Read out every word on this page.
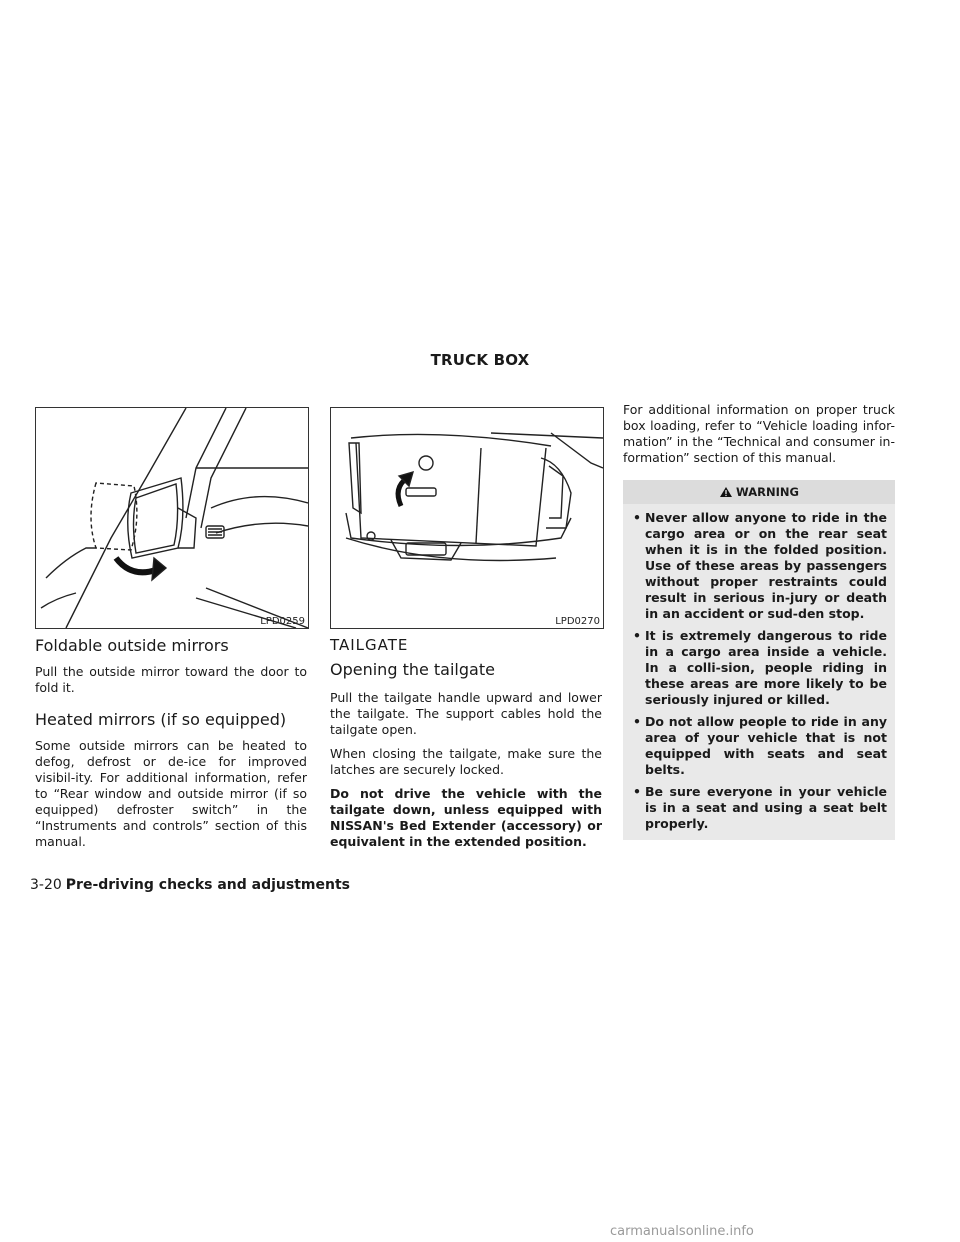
TRUCK BOX
LPD0259
Foldable outside mirrors

Pull the outside mirror toward the door to fold it.

Heated mirrors (if so equipped)

Some outside mirrors can be heated to defog, defrost or de-ice for improved visibil-ity. For additional information, refer to “Rear window and outside mirror (if so equipped) defroster switch” in the “Instruments and controls” section of this manual.

LPD0270
TAILGATE
Opening the tailgate

Pull the tailgate handle upward and lower the tailgate. The support cables hold the tailgate open.

When closing the tailgate, make sure the latches are securely locked.

Do not drive the vehicle with the tailgate down, unless equipped with NISSAN's Bed Extender (accessory) or equivalent in the extended position.

For additional information on proper truck box loading, refer to “Vehicle loading infor-mation” in the “Technical and consumer in-formation” section of this manual.

WARNING
• Never allow anyone to ride in the cargo area or on the rear seat when it is in the folded position. Use of these areas by passengers without proper restraints could result in serious in-jury or death in an accident or sud-den stop.
• It is extremely dangerous to ride in a cargo area inside a vehicle. In a colli-sion, people riding in these areas are more likely to be seriously injured or killed.
• Do not allow people to ride in any area of your vehicle that is not equipped with seats and seat belts.
• Be sure everyone in your vehicle is in a seat and using a seat belt properly.
3-20 Pre-driving checks and adjustments
carmanualsonline.info
